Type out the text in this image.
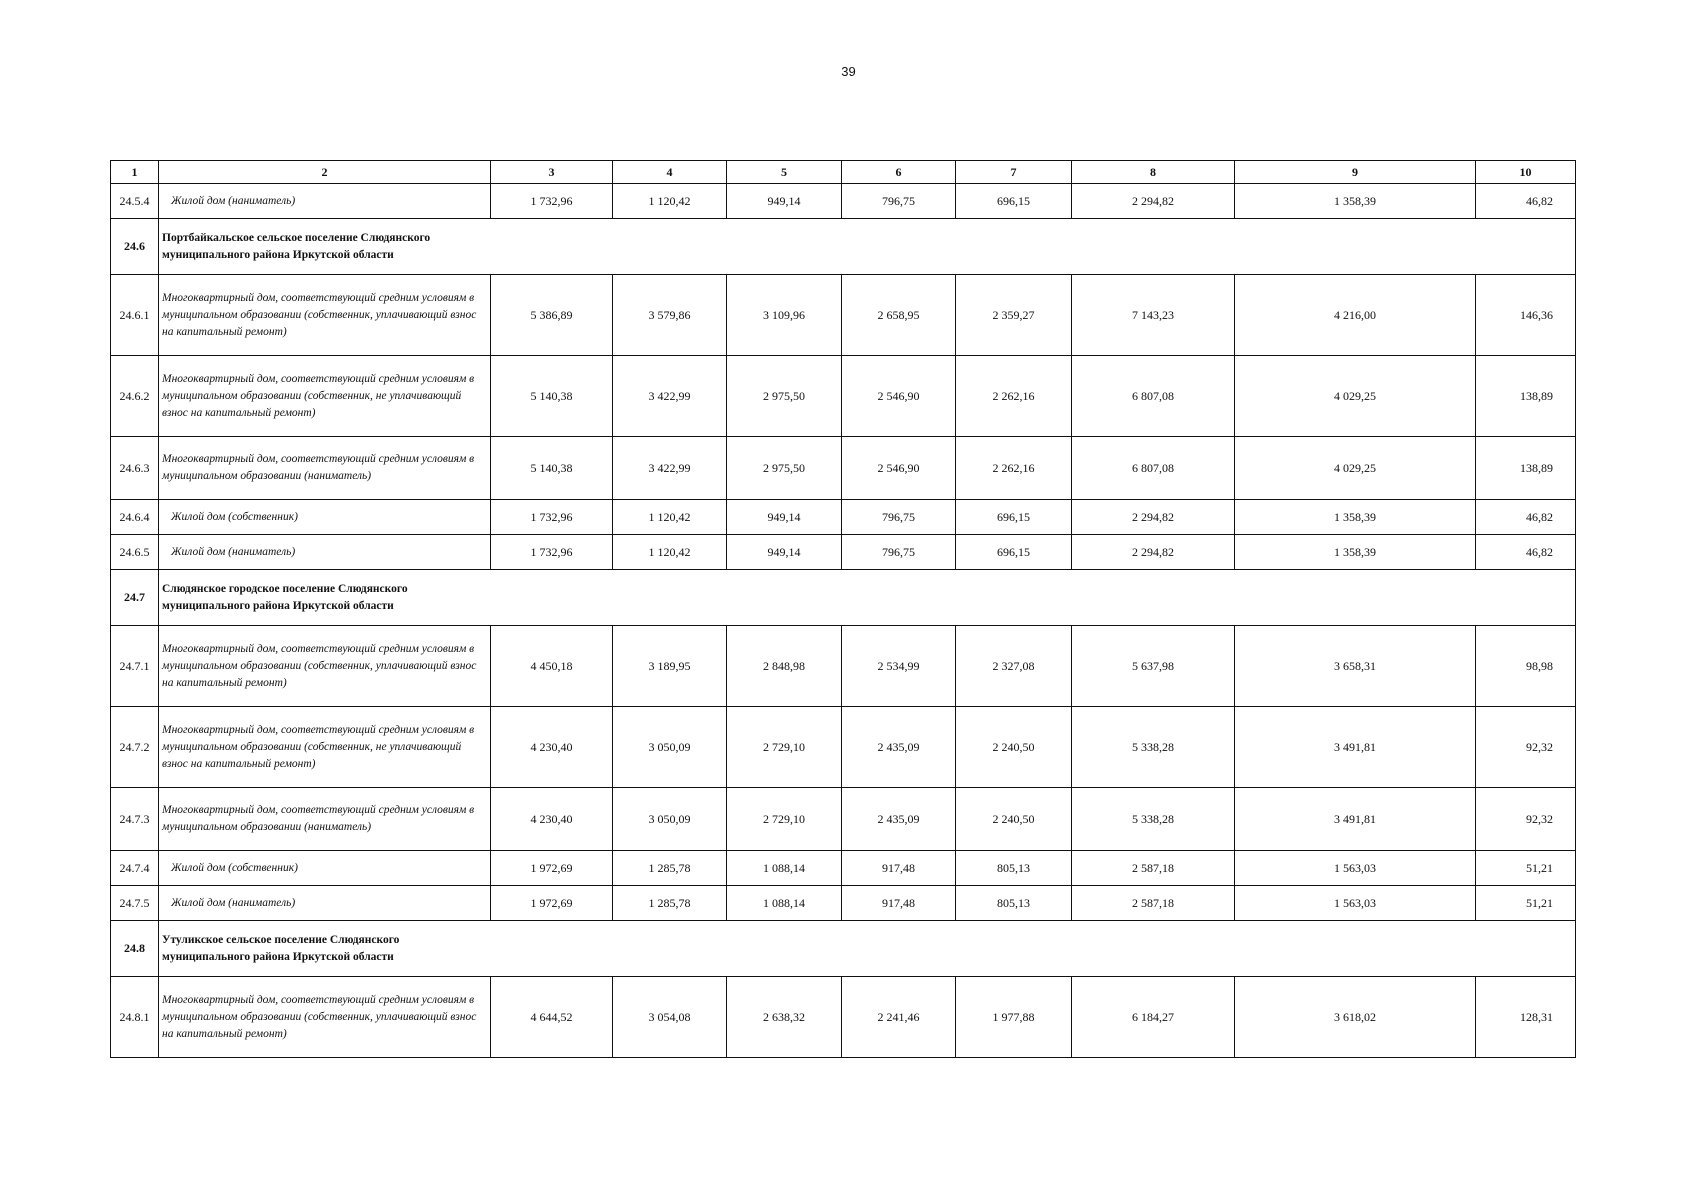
39
1	2	3	4	5	6	7	8	9	10
24.5.4	Жилой дом (наниматель)	1 732,96	1 120,42	949,14	796,75	696,15	2 294,82	1 358,39	46,82
24.6	Портбайкальское сельское поселение Слюдянского муниципального района Иркутской области								
24.6.1	Многоквартирный дом, соответствующий средним условиям в муниципальном образовании (собственник, уплачивающий взнос на капитальный ремонт)	5 386,89	3 579,86	3 109,96	2 658,95	2 359,27	7 143,23	4 216,00	146,36
24.6.2	Многоквартирный дом, соответствующий средним условиям в муниципальном образовании (собственник, не уплачивающий взнос на капитальный ремонт)	5 140,38	3 422,99	2 975,50	2 546,90	2 262,16	6 807,08	4 029,25	138,89
24.6.3	Многоквартирный дом, соответствующий средним условиям в муниципальном образовании (наниматель)	5 140,38	3 422,99	2 975,50	2 546,90	2 262,16	6 807,08	4 029,25	138,89
24.6.4	Жилой дом (собственник)	1 732,96	1 120,42	949,14	796,75	696,15	2 294,82	1 358,39	46,82
24.6.5	Жилой дом (наниматель)	1 732,96	1 120,42	949,14	796,75	696,15	2 294,82	1 358,39	46,82
24.7	Слюдянское городское поселение Слюдянского муниципального района Иркутской области								
24.7.1	Многоквартирный дом, соответствующий средним условиям в муниципальном образовании (собственник, уплачивающий взнос на капитальный ремонт)	4 450,18	3 189,95	2 848,98	2 534,99	2 327,08	5 637,98	3 658,31	98,98
24.7.2	Многоквартирный дом, соответствующий средним условиям в муниципальном образовании (собственник, не уплачивающий взнос на капитальный ремонт)	4 230,40	3 050,09	2 729,10	2 435,09	2 240,50	5 338,28	3 491,81	92,32
24.7.3	Многоквартирный дом, соответствующий средним условиям в муниципальном образовании (наниматель)	4 230,40	3 050,09	2 729,10	2 435,09	2 240,50	5 338,28	3 491,81	92,32
24.7.4	Жилой дом (собственник)	1 972,69	1 285,78	1 088,14	917,48	805,13	2 587,18	1 563,03	51,21
24.7.5	Жилой дом (наниматель)	1 972,69	1 285,78	1 088,14	917,48	805,13	2 587,18	1 563,03	51,21
24.8	Утуликское сельское поселение Слюдянского муниципального района Иркутской области								
24.8.1	Многоквартирный дом, соответствующий средним условиям в муниципальном образовании (собственник, уплачивающий взнос на капитальный ремонт)	4 644,52	3 054,08	2 638,32	2 241,46	1 977,88	6 184,27	3 618,02	128,31
